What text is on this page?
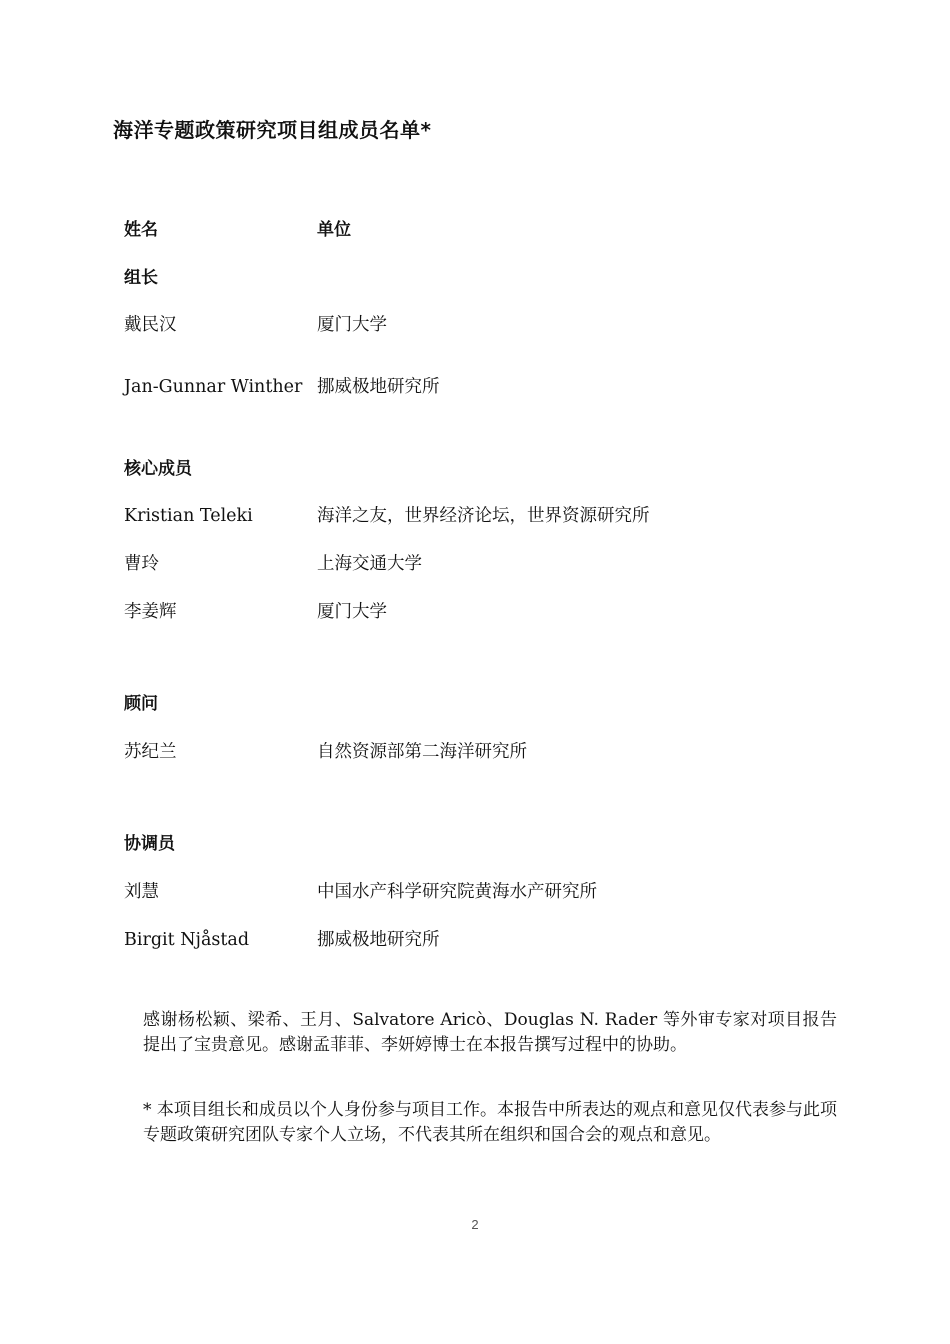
海洋专题政策研究项目组成员名单*
姓名	单位
组长
戴民汉	厦门大学
Jan-Gunnar Winther 挪威极地研究所
核心成员
Kristian Teleki	海洋之友，世界经济论坛，世界资源研究所
曹玲	上海交通大学
李姜辉	厦门大学
顾问
苏纪兰	自然资源部第二海洋研究所
协调员
刘慧	中国水产科学研究院黄海水产研究所
Birgit Njåstad	挪威极地研究所
感谢杨松颖、梁希、王月、Salvatore Aricò、Douglas N. Rader 等外审专家对项目报告提出了宝贵意见。感谢孟菲菲、李妍婷博士在本报告撰写过程中的协助。
* 本项目组长和成员以个人身份参与项目工作。本报告中所表达的观点和意见仅代表参与此项专题政策研究团队专家个人立场，不代表其所在组织和国合会的观点和意见。
2
